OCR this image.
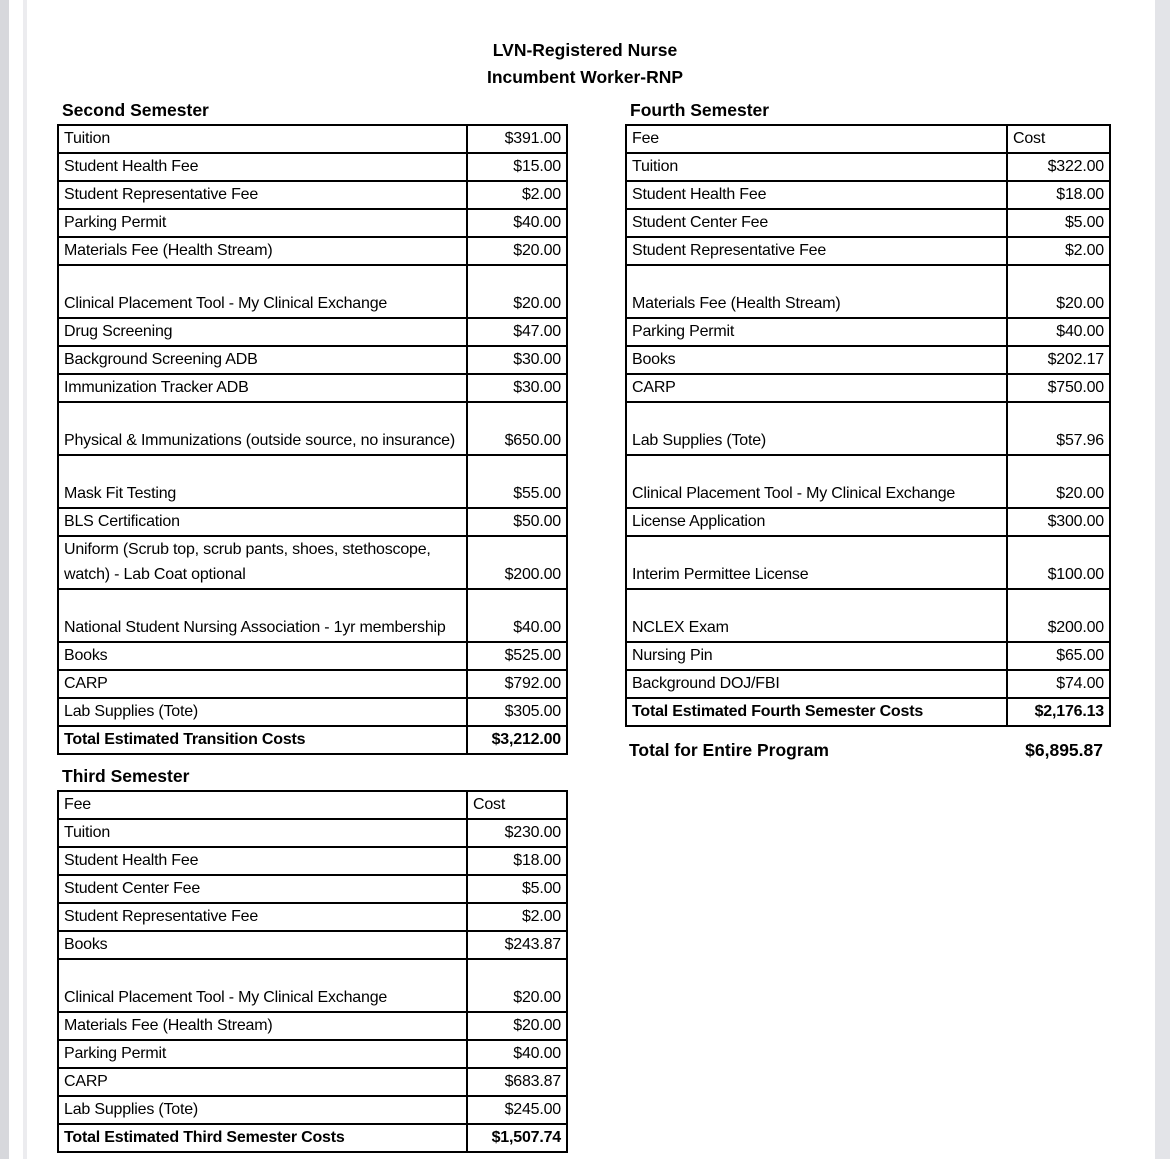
LVN-Registered Nurse
Incumbent Worker-RNP
Second Semester
Tuition	$391.00
Student Health Fee	$15.00
Student Representative Fee	$2.00
Parking Permit	$40.00
Materials Fee (Health Stream)	$20.00
Clinical Placement Tool - My Clinical Exchange	$20.00
Drug Screening	$47.00
Background Screening ADB	$30.00
Immunization Tracker ADB	$30.00
Physical & Immunizations (outside source, no insurance)	$650.00
Mask Fit Testing	$55.00
BLS Certification	$50.00
Uniform (Scrub top, scrub pants, shoes, stethoscope, watch) - Lab Coat optional	$200.00
National Student Nursing Association - 1yr membership	$40.00
Books	$525.00
CARP	$792.00
Lab Supplies (Tote)	$305.00
Total Estimated Transition Costs	$3,212.00
Fourth Semester
Fee	Cost
Tuition	$322.00
Student Health Fee	$18.00
Student Center Fee	$5.00
Student Representative Fee	$2.00
Materials Fee (Health Stream)	$20.00
Parking Permit	$40.00
Books	$202.17
CARP	$750.00
Lab Supplies (Tote)	$57.96
Clinical Placement Tool - My Clinical Exchange	$20.00
License Application	$300.00
Interim Permittee License	$100.00
NCLEX Exam	$200.00
Nursing Pin	$65.00
Background DOJ/FBI	$74.00
Total Estimated Fourth Semester Costs	$2,176.13
Total for Entire Program	$6,895.87
Third Semester
Fee	Cost
Tuition	$230.00
Student Health Fee	$18.00
Student Center Fee	$5.00
Student Representative Fee	$2.00
Books	$243.87
Clinical Placement Tool - My Clinical Exchange	$20.00
Materials Fee (Health Stream)	$20.00
Parking Permit	$40.00
CARP	$683.87
Lab Supplies (Tote)	$245.00
Total Estimated Third Semester Costs	$1,507.74
